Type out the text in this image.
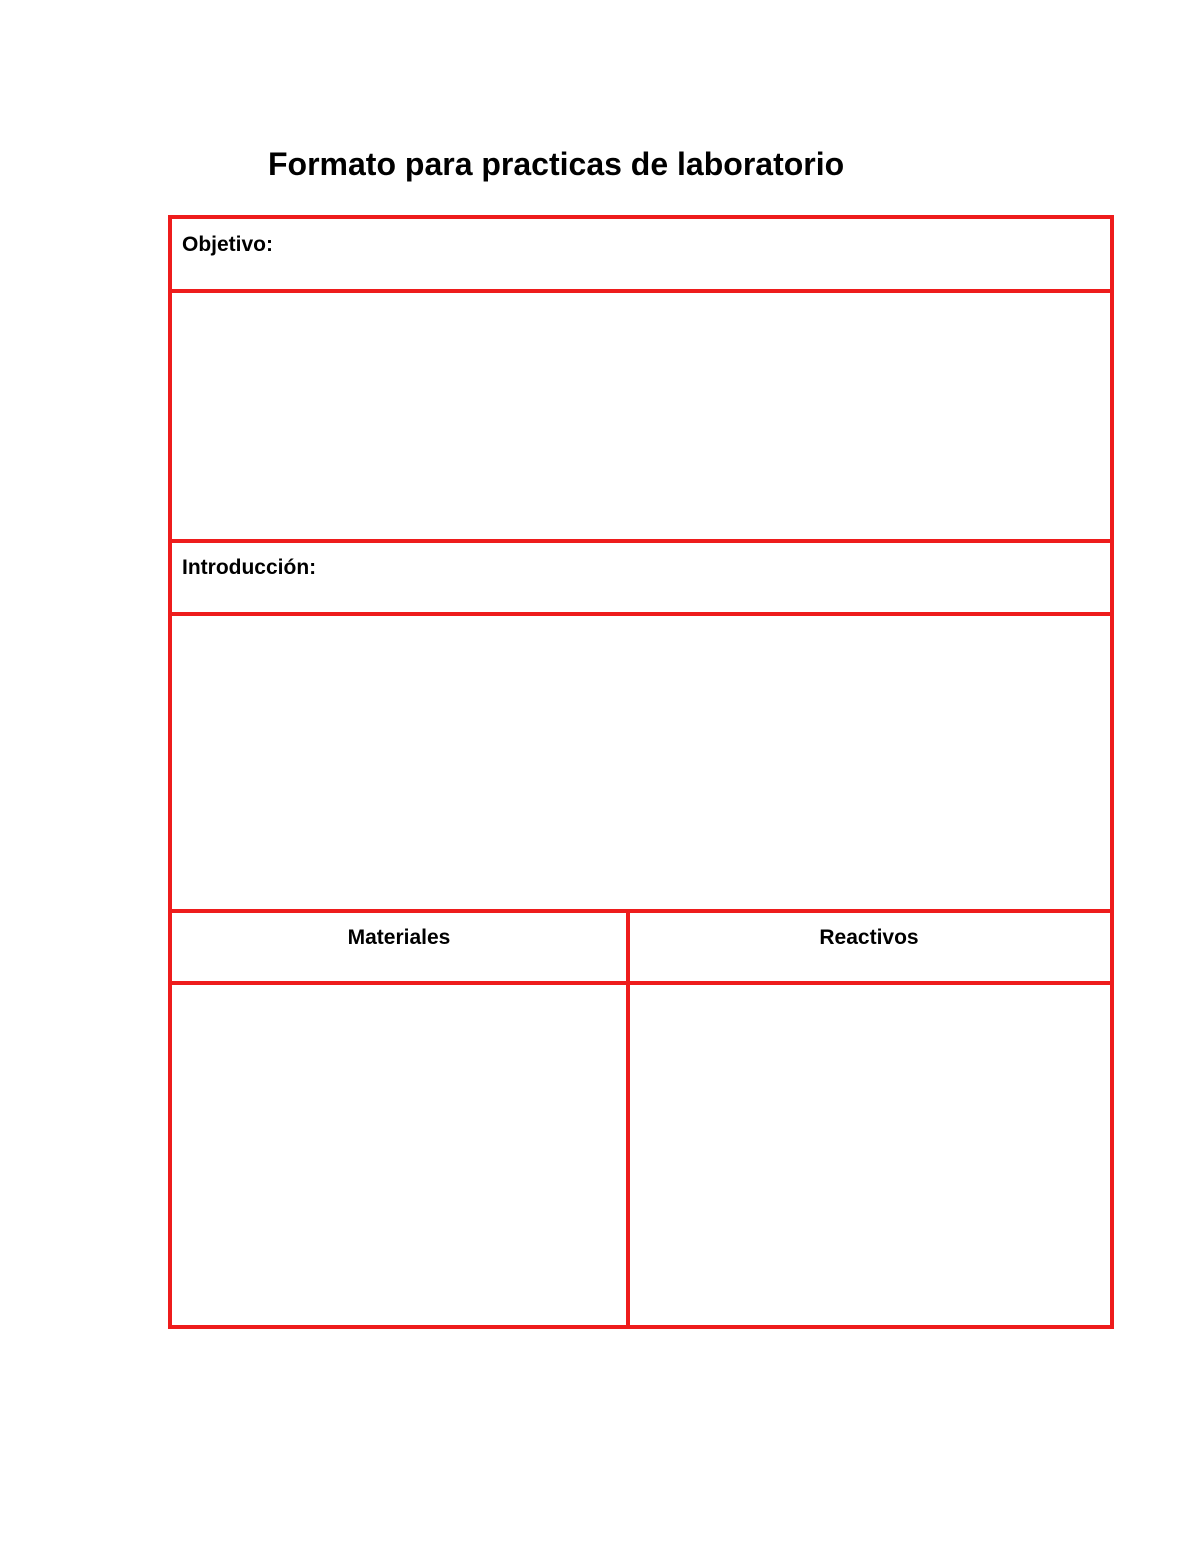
Formato para practicas de laboratorio
Objetivo:
Introducción:
Materiales	Reactivos
